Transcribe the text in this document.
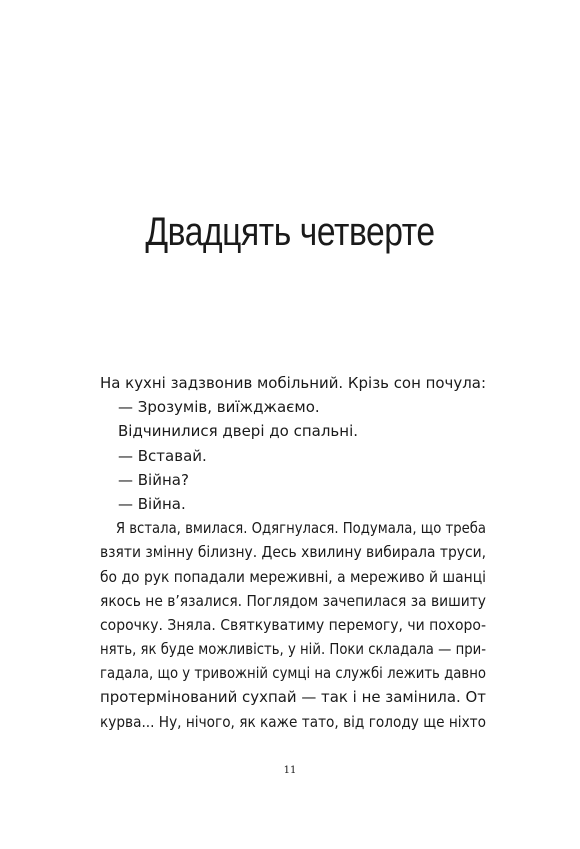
Двадцять четверте
На кухні задзвонив мобільний. Крізь сон почула:
— Зрозумів, виїжджаємо.
Відчинилися двері до спальні.
— Вставай.
— Війна?
— Війна.
Я встала, вмилася. Одягнулася. Подумала, що треба
взяти змінну білизну. Десь хвилину вибирала труси,
бо до рук попадали мереживні, а мереживо й шанці
якось не в’язалися. Поглядом зачепилася за вишиту
сорочку. Зняла. Святкуватиму перемогу, чи похоро-
нять, як буде можливість, у ній. Поки складала — при-
гадала, що у тривожній сумці на службі лежить давно
протермінований сухпай — так і не замінила. От
курва... Ну, нічого, як каже тато, від голоду ще ніхто
11
